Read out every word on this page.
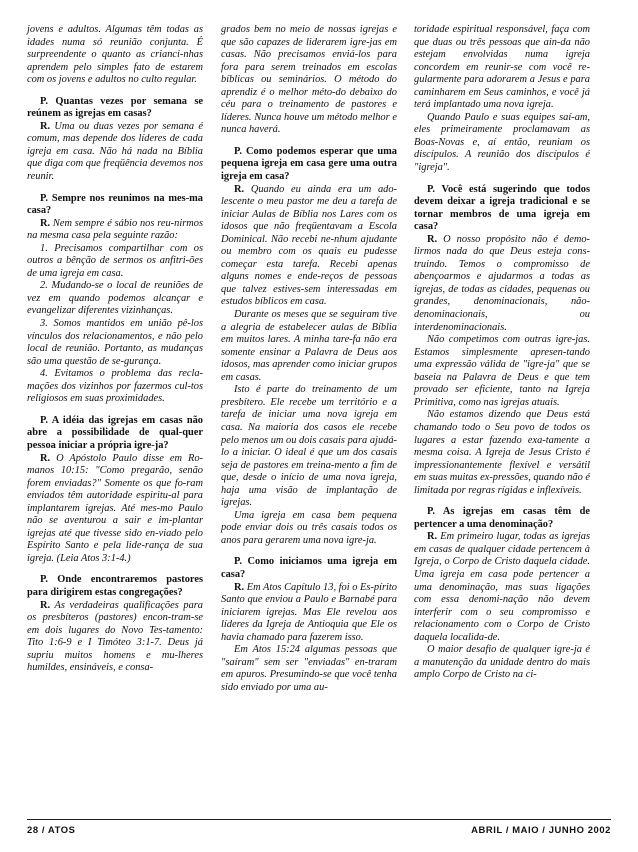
jovens e adultos. Algumas têm todas as idades numa só reunião conjunta. É surpreendente o quanto as crianci-nhas aprendem pelo simples fato de estarem com os jovens e adultos no culto regular.

P. Quantas vezes por semana se reúnem as igrejas em casas?

R. Uma ou duas vezes por semana é comum, mas depende dos líderes de cada igreja em casa. Não há nada na Bíblia que diga com que freqüência devemos nos reunir.

P. Sempre nos reunimos na mes-ma casa?

R. Nem sempre é sábio nos reu-nirmos na mesma casa pela seguinte razão:

1. Precisamos compartilhar com os outros a bênção de sermos os anfitri-ões de uma igreja em casa.

2. Mudando-se o local de reuniões de vez em quando podemos alcançar e evangelizar diferentes vizinhanças.

3. Somos mantidos em união pê-los vínculos dos relacionamentos, e não pelo local de reunião. Portanto, as mudanças são uma questão de se-gurança.

4. Evitamos o problema das recla-mações dos vizinhos por fazermos cul-tos religiosos em suas proximidades.

P. A idéia das igrejas em casas não abre a possibilidade de qual-quer pessoa iniciar a própria igre-ja?

R. O Apóstolo Paulo disse em Ro-manos 10:15: "Como pregarão, senão forem enviadas?" Somente os que fo-ram enviados têm autoridade espiritu-al para implantarem igrejas. Até mes-mo Paulo não se aventurou a sair e im-plantar igrejas até que tivesse sido en-viado pelo Espírito Santo e pela lide-rança de sua igreja. (Leia Atos 3:1-4.)

P. Onde encontraremos pastores para dirigirem estas congregações?

R. As verdadeiras qualificações para os presbíteros (pastores) encon-tram-se em dois lugares do Novo Tes-tamento: Tito 1:6-9 e I Timóteo 3:1-7. Deus já supriu muitos homens e mu-lheres humildes, ensináveis, e consa-

grados bem no meio de nossas igrejas e que são capazes de liderarem igre-jas em casas. Não precisamos enviá-los para fora para serem treinados em escolas bíblicas ou seminários. O método do aprendiz é o melhor méto-do debaixo do céu para o treinamento de pastores e líderes. Nunca houve um método melhor e nunca haverá.

P. Como podemos esperar que uma pequena igreja em casa gere uma outra igreja em casa?

R. Quando eu ainda era um ado-lescente o meu pastor me deu a tarefa de iniciar Aulas de Bíblia nos Lares com os idosos que não freqüentavam a Escola Dominical. Não recebi ne-nhum ajudante ou membro com os quais eu pudesse começar esta tarefa. Recebi apenas alguns nomes e ende-reços de pessoas que talvez estives-sem interessadas em estudos bíblicos em casa.

Durante os meses que se seguiram tive a alegria de estabelecer aulas de Bíblia em muitos lares. A minha tare-fa não era somente ensinar a Palavra de Deus aos idosos, mas aprender como iniciar grupos em casas.

Isto é parte do treinamento de um presbítero. Ele recebe um território e a tarefa de iniciar uma nova igreja em casa. Na maioria dos casos ele recebe pelo menos um ou dois casais para ajudá-lo a iniciar. O ideal é que um dos casais seja de pastores em treina-mento a fim de que, desde o início de uma nova igreja, haja uma visão de implantação de igrejas.

Uma igreja em casa bem pequena pode enviar dois ou três casais todos os anos para gerarem uma nova igre-ja.

P. Como iniciamos uma igreja em casa?

R. Em Atos Capítulo 13, foi o Es-pírito Santo que enviou a Paulo e Barnabé para iniciarem igrejas. Mas Ele revelou aos líderes da Igreja de Antioquia que Ele os havia chamado para fazerem isso.

Em Atos 15:24 algumas pessoas que "saíram" sem ser "enviadas" en-traram em apuros. Presumindo-se que você tenha sido enviado por uma au-

toridade espiritual responsável, faça com que duas ou três pessoas que ain-da não estejam envolvidas numa igreja concordem em reunir-se com você re-gularmente para adorarem a Jesus e para caminharem em Seus caminhos, e você já terá implantado uma nova igreja.

Quando Paulo e suas equipes saí-am, eles primeiramente proclamavam as Boas-Novas e, aí então, reuniam os discípulos. A reunião dos discípulos é "igreja".

P. Você está sugerindo que todos devem deixar a igreja tradicional e se tornar membros de uma igreja em casa?

R. O nosso propósito não é demo-lirmos nada do que Deus esteja cons-truindo. Temos o compromisso de abençoarmos e ajudarmos a todas as igrejas, de todas as cidades, pequenas ou grandes, denominacionais, não-denominacionais, ou interdenominacionais.

Não competimos com outras igre-jas. Estamos simplesmente apresen-tando uma expressão válida de "igre-ja" que se baseia na Palavra de Deus e que tem provado ser eficiente, tanto na Igreja Primitiva, como nas igrejas atuais.

Não estamos dizendo que Deus está chamando todo o Seu povo de todos os lugares a estar fazendo exa-tamente a mesma coisa. A Igreja de Jesus Cristo é impressionantemente flexível e versátil em suas muitas ex-pressões, quando não é limitada por regras rígidas e inflexíveis.

P. As igrejas em casas têm de pertencer a uma denominação?

R. Em primeiro lugar, todas as igrejas em casas de qualquer cidade pertencem à Igreja, o Corpo de Cristo daquela cidade. Uma igreja em casa pode pertencer a uma denominação, mas suas ligações com essa denomi-nação não devem interferir com o seu compromisso e relacionamento com o Corpo de Cristo daquela localida-de.

O maior desafio de qualquer igre-ja é a manutenção da unidade dentro do mais amplo Corpo de Cristo na ci-

28 / ATOS	ABRIL / MAIO / JUNHO 2002
